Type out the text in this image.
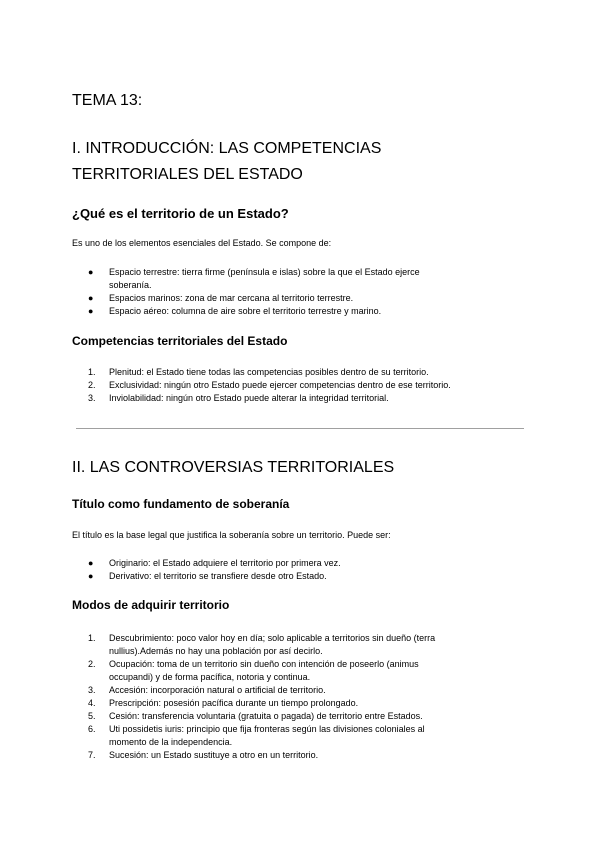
TEMA 13:
I. INTRODUCCIÓN: LAS COMPETENCIAS
TERRITORIALES DEL ESTADO
¿Qué es el territorio de un Estado?
Es uno de los elementos esenciales del Estado. Se compone de:
● Espacio terrestre: tierra firme (península e islas) sobre la que el Estado ejerce
soberanía.
● Espacios marinos: zona de mar cercana al territorio terrestre.
● Espacio aéreo: columna de aire sobre el territorio terrestre y marino.
Competencias territoriales del Estado
1. Plenitud: el Estado tiene todas las competencias posibles dentro de su territorio.
2. Exclusividad: ningún otro Estado puede ejercer competencias dentro de ese territorio.
3. Inviolabilidad: ningún otro Estado puede alterar la integridad territorial.
II. LAS CONTROVERSIAS TERRITORIALES
Título como fundamento de soberanía
El título es la base legal que justifica la soberanía sobre un territorio. Puede ser:
● Originario: el Estado adquiere el territorio por primera vez.
● Derivativo: el territorio se transfiere desde otro Estado.
Modos de adquirir territorio
1. Descubrimiento: poco valor hoy en día; solo aplicable a territorios sin dueño (terra
nullius).Además no hay una población por así decirlo.
2. Ocupación: toma de un territorio sin dueño con intención de poseerlo (animus
occupandi) y de forma pacífica, notoria y continua.
3. Accesión: incorporación natural o artificial de territorio.
4. Prescripción: posesión pacífica durante un tiempo prolongado.
5. Cesión: transferencia voluntaria (gratuita o pagada) de territorio entre Estados.
6. Uti possidetis iuris: principio que fija fronteras según las divisiones coloniales al
momento de la independencia.
7. Sucesión: un Estado sustituye a otro en un territorio.
